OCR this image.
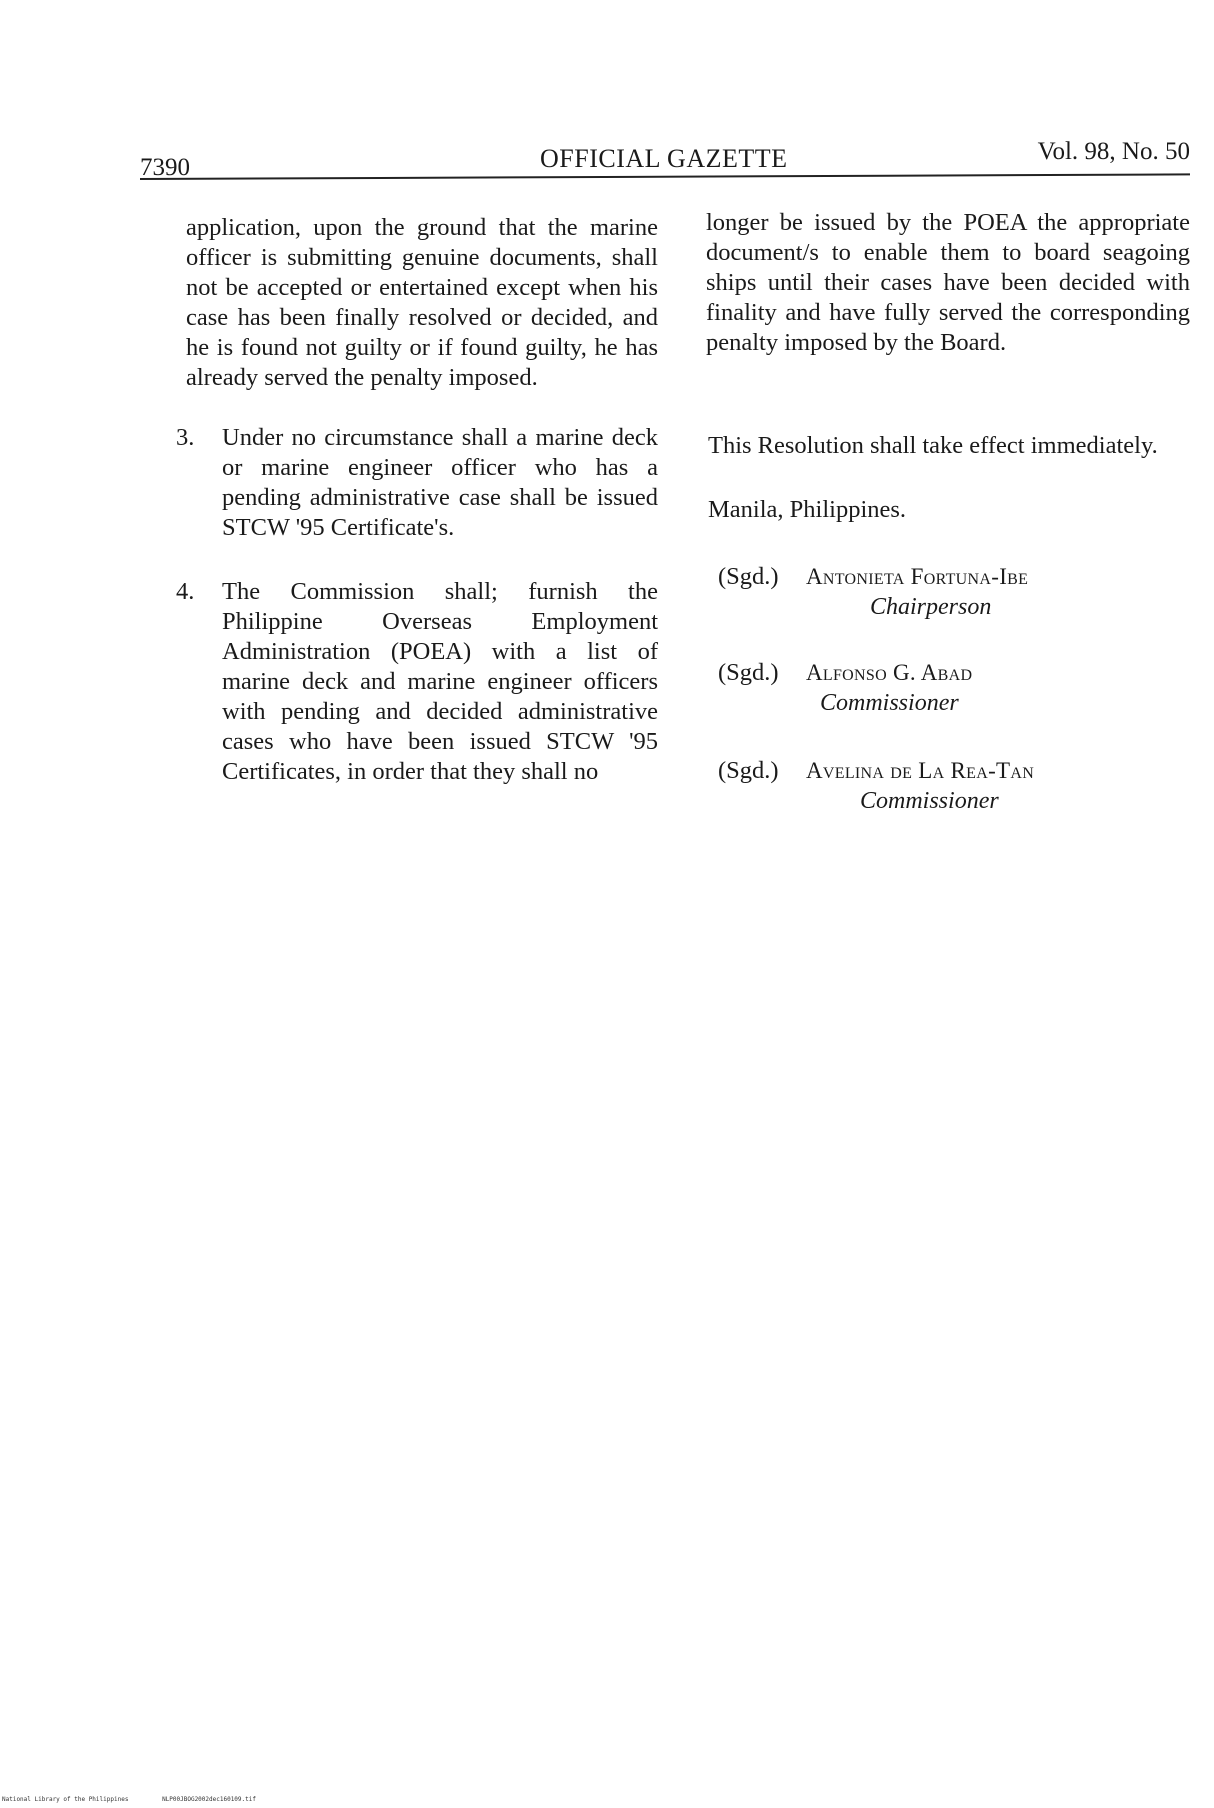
7390	OFFICIAL GAZETTE	Vol. 98, No. 50

application, upon the ground that the marine officer is submitting genuine documents, shall not be accepted or entertained except when his case has been finally resolved or decided, and he is found not guilty or if found guilty, he has already served the penalty imposed.

3. Under no circumstance shall a marine deck or marine engineer officer who has a pending administrative case shall be issued STCW '95 Certificate's.
4. The Commission shall; furnish the Philippine Overseas Employment Administration (POEA) with a list of marine deck and marine engineer officers with pending and decided administrative cases who have been issued STCW '95 Certificates, in order that they shall no

longer be issued by the POEA the appropriate document/s to enable them to board seagoing ships until their cases have been decided with finality and have fully served the corresponding penalty imposed by the Board.

This Resolution shall take effect immediately.
Manila, Philippines.
(Sgd.) Antonieta Fortuna-Ibe
Chairperson
(Sgd.) Alfonso G. Abad
Commissioner
(Sgd.) Avelina de La Rea-Tan
Commissioner
National Library of the Philippines	NLP00JBOG2002dec160109.tif
